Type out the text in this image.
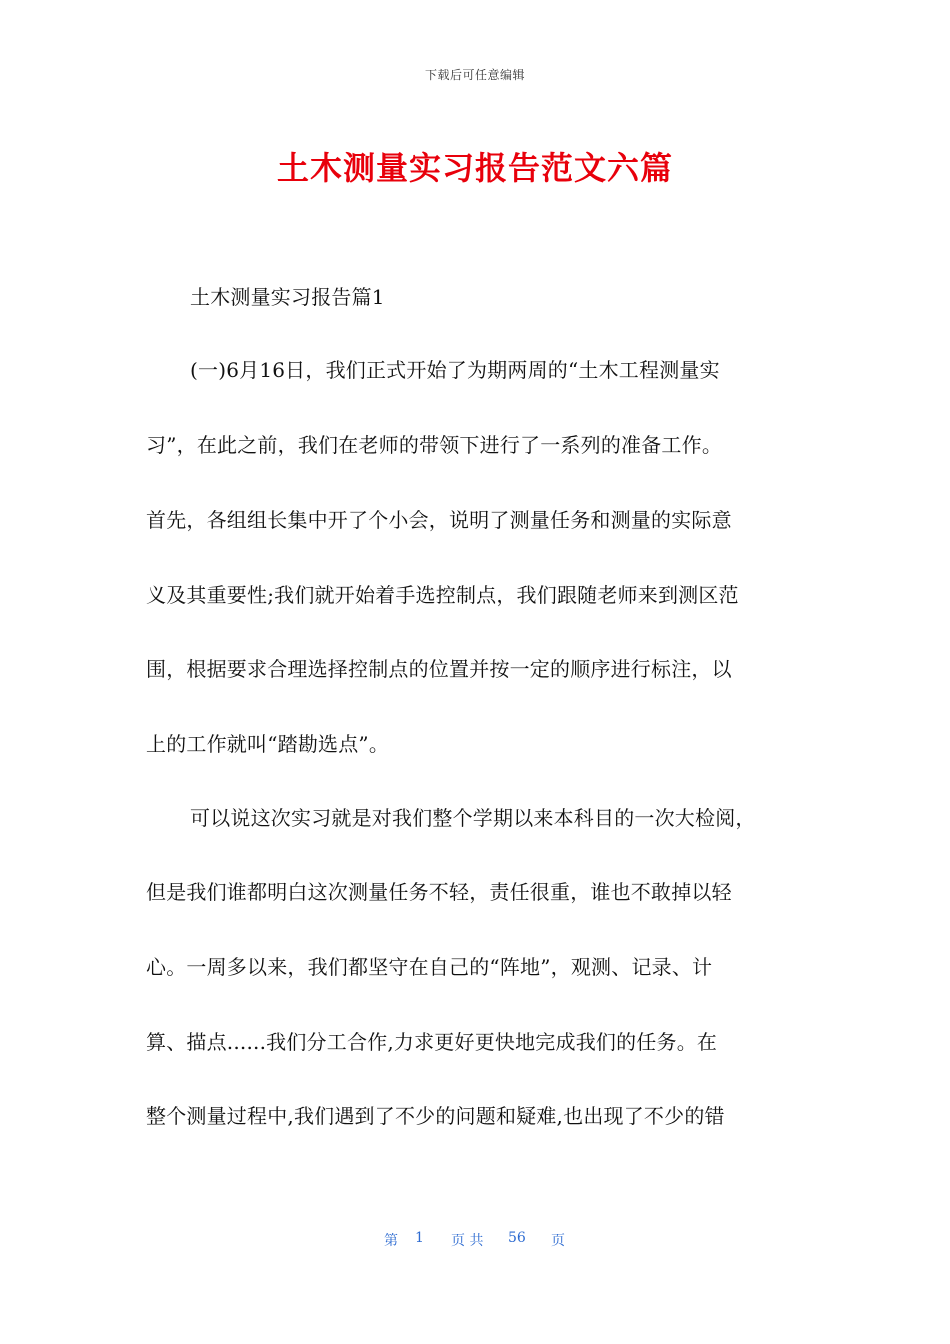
下载后可任意编辑
土木测量实习报告范文六篇
土木测量实习报告篇1
(一)6月16日，我们正式开始了为期两周的“土木工程测量实
习”，在此之前，我们在老师的带领下进行了一系列的准备工作。
首先，各组组长集中开了个小会，说明了测量任务和测量的实际意
义及其重要性;我们就开始着手选控制点，我们跟随老师来到测区范
围，根据要求合理选择控制点的位置并按一定的顺序进行标注，以
上的工作就叫“踏勘选点”。
可以说这次实习就是对我们整个学期以来本科目的一次大检阅，
但是我们谁都明白这次测量任务不轻，责任很重，谁也不敢掉以轻
心。一周多以来，我们都坚守在自己的“阵地”，观测、记录、计
算、描点......我们分工合作,力求更好更快地完成我们的任务。在
整个测量过程中,我们遇到了不少的问题和疑难,也出现了不少的错
第 1 页 共 56 页
